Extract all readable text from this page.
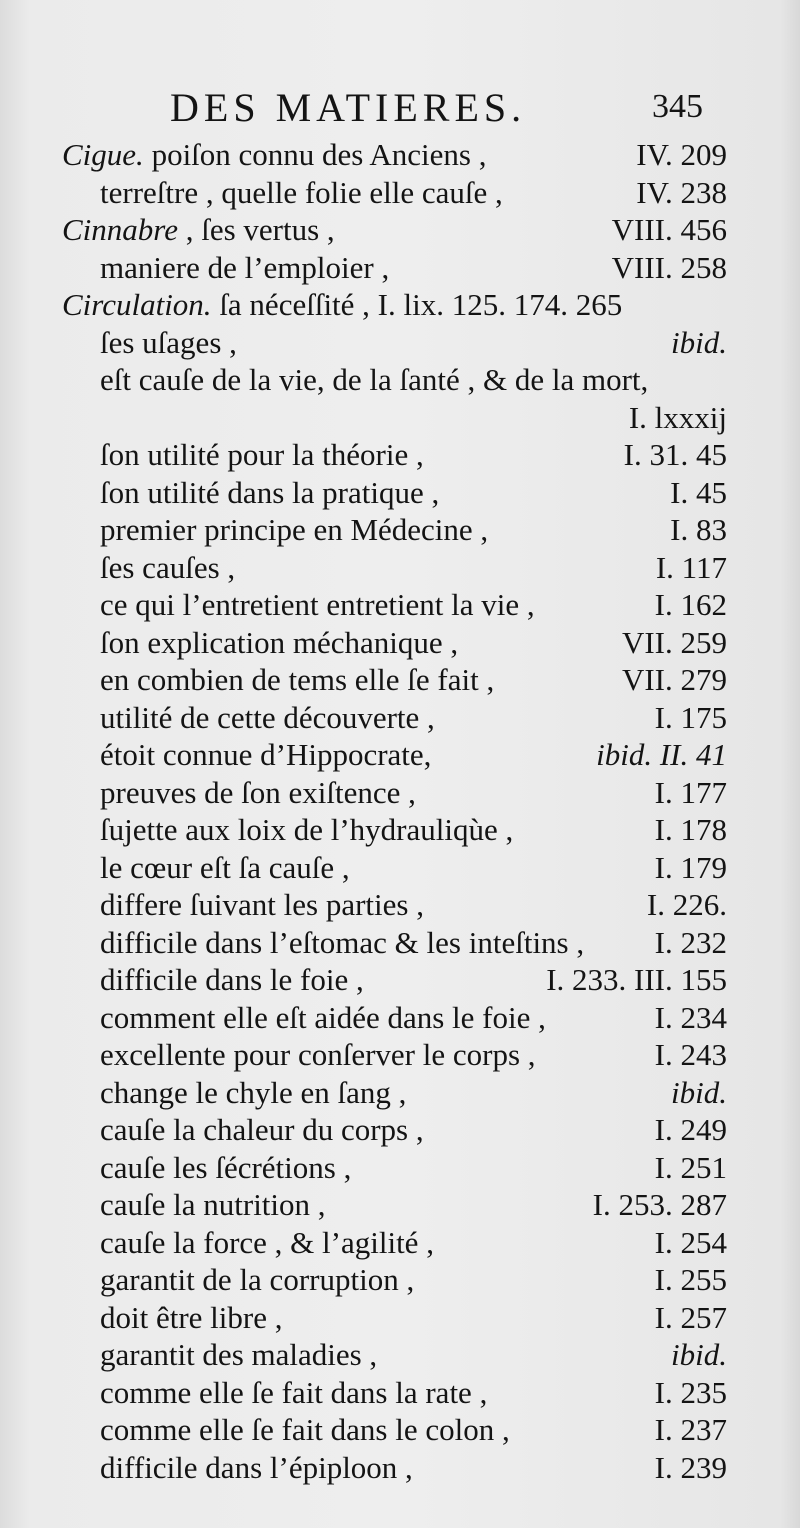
DES MATIERES.	345
Cigue. poiſon connu des Anciens ,	IV. 209
terreſtre , quelle folie elle cauſe ,	IV. 238
Cinnabre , ſes vertus ,	VIII. 456
maniere de l’emploier ,	VIII. 258
Circulation. ſa néceſſité , I. lix. 125. 174. 265
ſes uſages ,	ibid.
eſt cauſe de la vie, de la ſanté , & de la mort,
I. lxxxij
ſon utilité pour la théorie ,	I. 31. 45
ſon utilité dans la pratique ,	I. 45
premier principe en Médecine ,	I. 83
ſes cauſes ,	I. 117
ce qui l’entretient entretient la vie ,	I. 162
ſon explication méchanique ,	VII. 259
en combien de tems elle ſe fait ,	VII. 279
utilité de cette découverte ,	I. 175
étoit connue d’Hippocrate,	ibid. II. 41
preuves de ſon exiſtence ,	I. 177
ſujette aux loix de l’hydrauliqùe ,	I. 178
le cœur eſt ſa cauſe ,	I. 179
differe ſuivant les parties ,	I. 226.
difficile dans l’eſtomac & les inteſtins , I. 232
difficile dans le foie ,	I. 233. III. 155
comment elle eſt aidée dans le foie ,	I. 234
excellente pour conſerver le corps ,	I. 243
change le chyle en ſang ,	ibid.
cauſe la chaleur du corps ,	I. 249
cauſe les ſécrétions ,	I. 251
cauſe la nutrition ,	I. 253. 287
cauſe la force , & l’agilité ,	I. 254
garantit de la corruption ,	I. 255
doit être libre ,	I. 257
garantit des maladies ,	ibid.
comme elle ſe fait dans la rate ,	I. 235
comme elle ſe fait dans le colon ,	I. 237
difficile dans l’épiploon ,	I. 239
